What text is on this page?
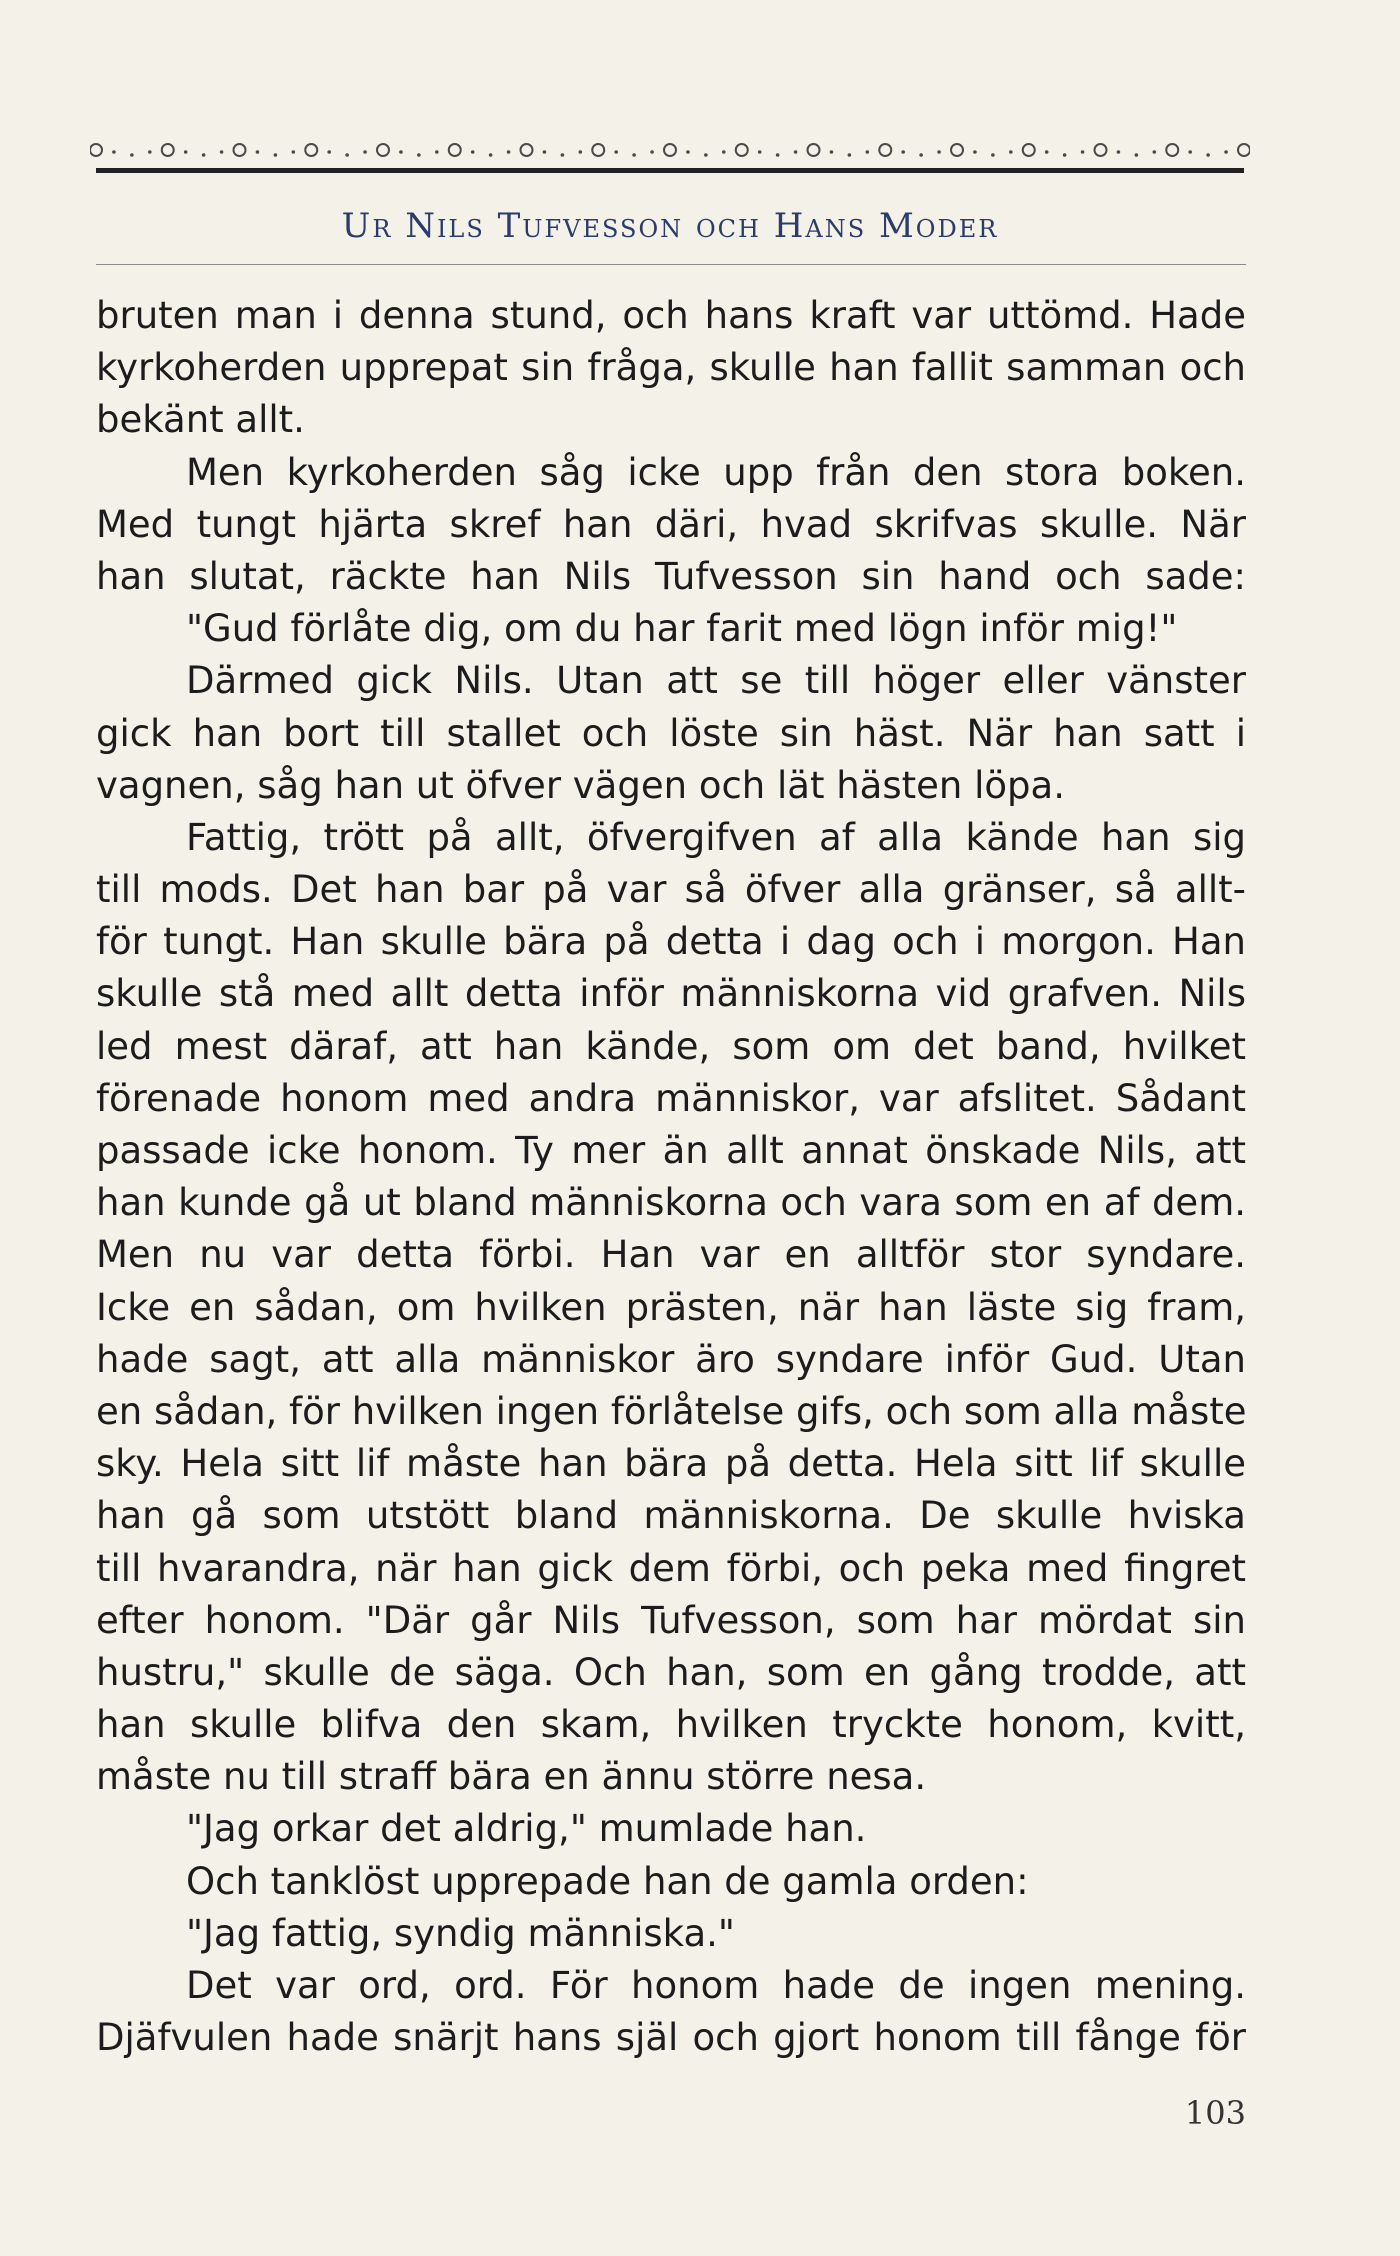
Ur Nils Tufvesson och Hans Moder
bruten man i denna stund, och hans kraft var uttömd. Hade
kyrkoherden upprepat sin fråga, skulle han fallit samman och
bekänt allt.
Men kyrkoherden såg icke upp från den stora boken.
Med tungt hjärta skref han däri, hvad skrifvas skulle. När
han slutat, räckte han Nils Tufvesson sin hand och sade:
"Gud förlåte dig, om du har farit med lögn inför mig!"
Därmed gick Nils. Utan att se till höger eller vänster
gick han bort till stallet och löste sin häst. När han satt i
vagnen, såg han ut öfver vägen och lät hästen löpa.
Fattig, trött på allt, öfvergifven af alla kände han sig
till mods. Det han bar på var så öfver alla gränser, så allt-
för tungt. Han skulle bära på detta i dag och i morgon. Han
skulle stå med allt detta inför människorna vid grafven. Nils
led mest däraf, att han kände, som om det band, hvilket
förenade honom med andra människor, var afslitet. Sådant
passade icke honom. Ty mer än allt annat önskade Nils, att
han kunde gå ut bland människorna och vara som en af dem.
Men nu var detta förbi. Han var en alltför stor syndare.
Icke en sådan, om hvilken prästen, när han läste sig fram,
hade sagt, att alla människor äro syndare inför Gud. Utan
en sådan, för hvilken ingen förlåtelse gifs, och som alla måste
sky. Hela sitt lif måste han bära på detta. Hela sitt lif skulle
han gå som utstött bland människorna. De skulle hviska
till hvarandra, när han gick dem förbi, och peka med fingret
efter honom. "Där går Nils Tufvesson, som har mördat sin
hustru," skulle de säga. Och han, som en gång trodde, att
han skulle blifva den skam, hvilken tryckte honom, kvitt,
måste nu till straff bära en ännu större nesa.
"Jag orkar det aldrig," mumlade han.
Och tanklöst upprepade han de gamla orden:
"Jag fattig, syndig människa."
Det var ord, ord. För honom hade de ingen mening.
Djäfvulen hade snärjt hans själ och gjort honom till fånge för
103
